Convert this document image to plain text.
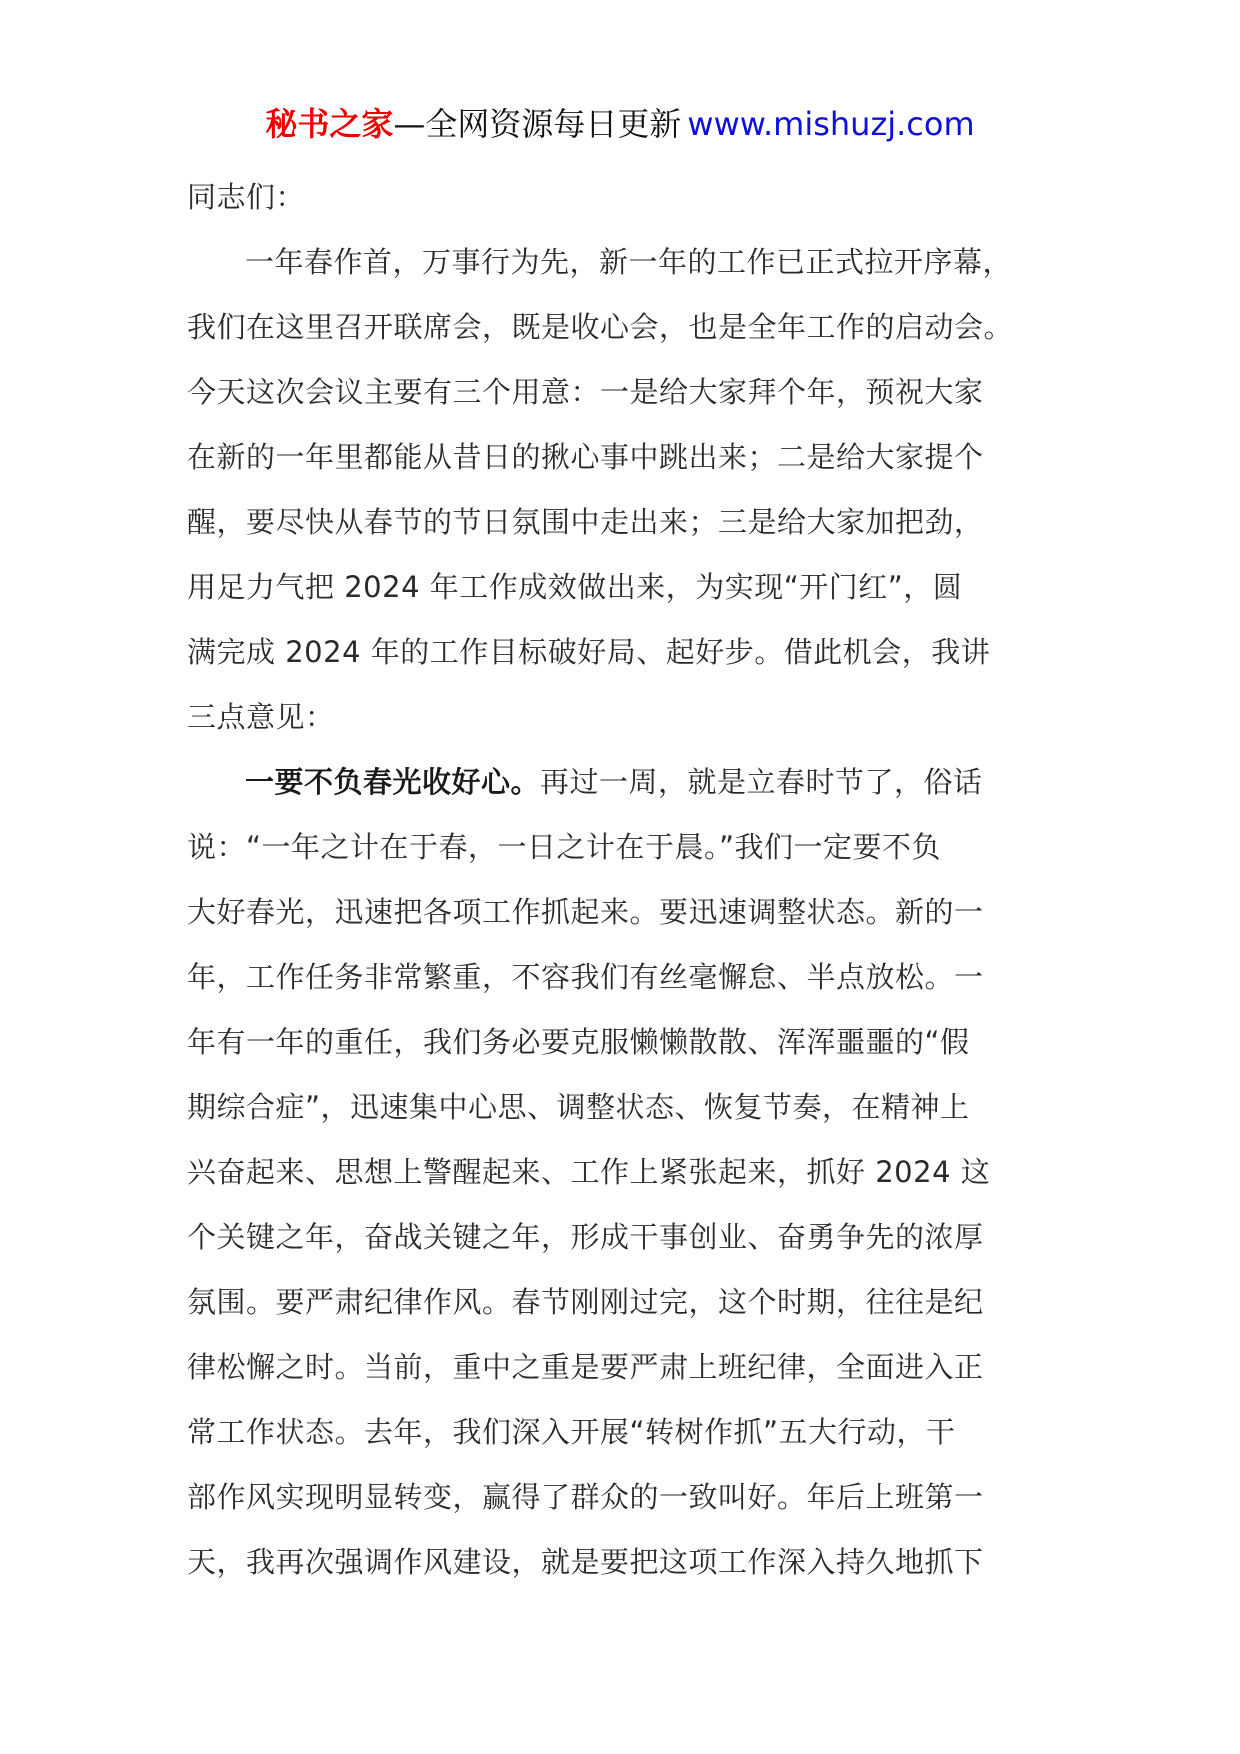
秘书之家—全网资源每日更新 www.mishuzj.com

同志们：

一年春作首，万事行为先，新一年的工作已正式拉开序幕，
我们在这里召开联席会，既是收心会，也是全年工作的启动会。
今天这次会议主要有三个用意：一是给大家拜个年，预祝大家
在新的一年里都能从昔日的揪心事中跳出来；二是给大家提个
醒，要尽快从春节的节日氛围中走出来；三是给大家加把劲，
用足力气把 2024 年工作成效做出来，为实现“开门红”，圆
满完成 2024 年的工作目标破好局、起好步。借此机会，我讲
三点意见：

一要不负春光收好心。再过一周，就是立春时节了，俗话
说：“一年之计在于春，一日之计在于晨。”我们一定要不负
大好春光，迅速把各项工作抓起来。要迅速调整状态。新的一
年，工作任务非常繁重，不容我们有丝毫懈怠、半点放松。一
年有一年的重任，我们务必要克服懒懒散散、浑浑噩噩的“假
期综合症”，迅速集中心思、调整状态、恢复节奏，在精神上
兴奋起来、思想上警醒起来、工作上紧张起来，抓好 2024 这
个关键之年，奋战关键之年，形成干事创业、奋勇争先的浓厚
氛围。要严肃纪律作风。春节刚刚过完，这个时期，往往是纪
律松懈之时。当前，重中之重是要严肃上班纪律，全面进入正
常工作状态。去年，我们深入开展“转树作抓”五大行动，干
部作风实现明显转变，赢得了群众的一致叫好。年后上班第一
天，我再次强调作风建设，就是要把这项工作深入持久地抓下
